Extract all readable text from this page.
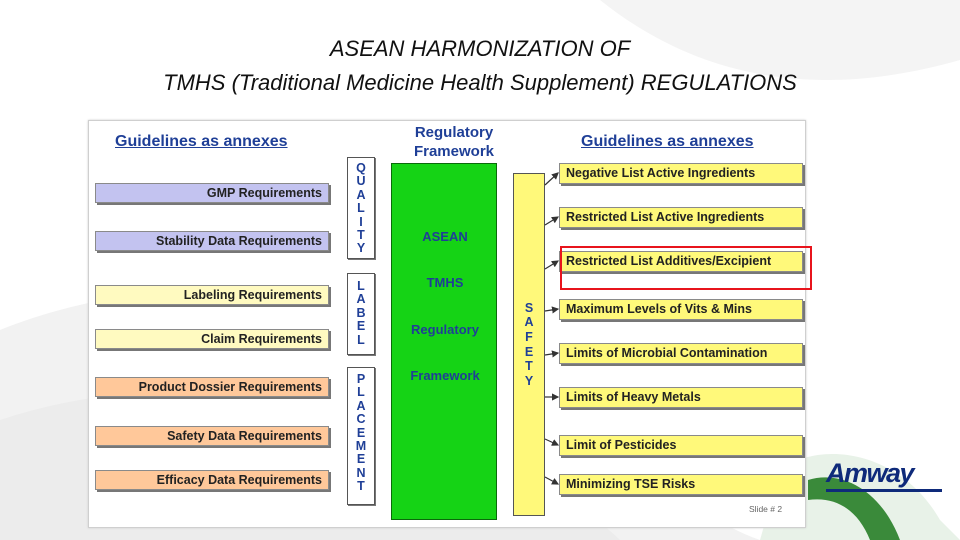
ASEAN HARMONIZATION OF
TMHS (Traditional Medicine Health Supplement) REGULATIONS
Guidelines as annexes	Guidelines as annexes
Regulatory
Framework
GMP Requirements
Stability Data Requirements
Labeling Requirements
Claim Requirements
Product Dossier Requirements
Safety Data Requirements
Efficacy Data Requirements
Q
U
A
L
I
T
Y
L
A
B
E
L
P
L
A
C
E
M
E
N
T
ASEAN
TMHS
Regulatory
Framework
S
A
F
E
T
Y
Negative List Active Ingredients
Restricted List Active Ingredients
Restricted List Additives/Excipient
Maximum Levels of Vits & Mins
Limits of Microbial Contamination
Limits of Heavy Metals
Limit of Pesticides
Minimizing TSE Risks
Slide # 2
Amway
